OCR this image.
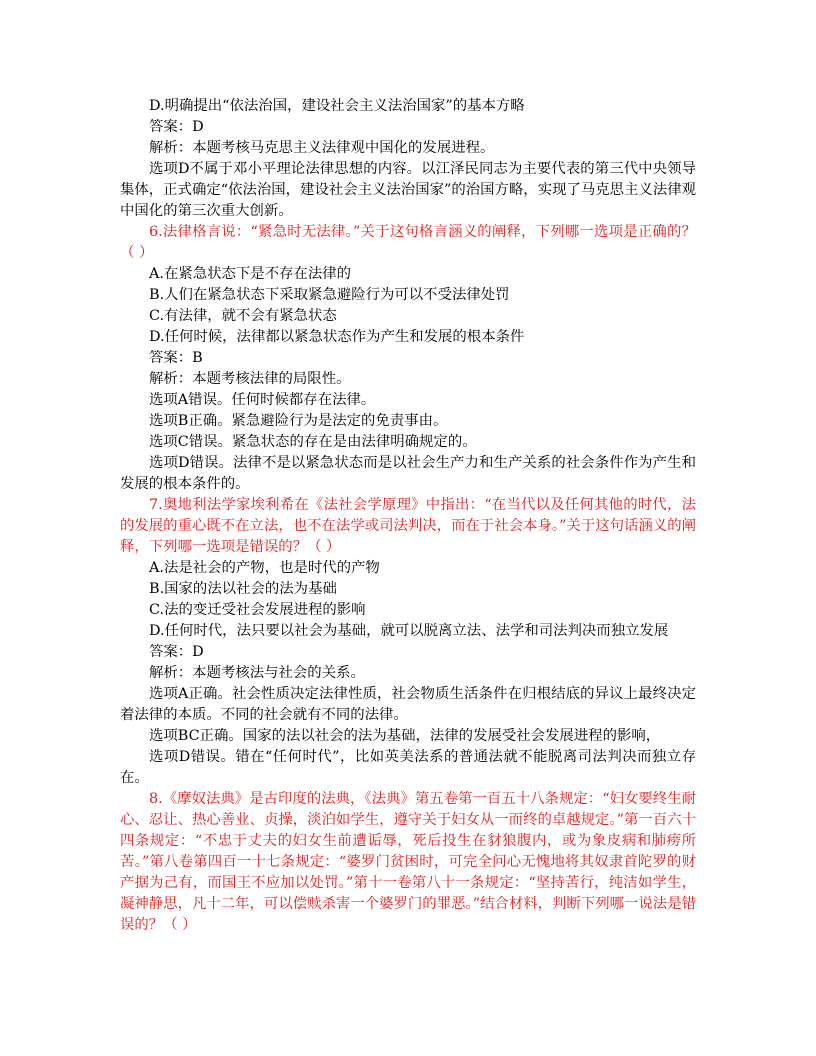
D.明确提出“依法治国，建设社会主义法治国家”的基本方略

答案：D

解析：本题考核马克思主义法律观中国化的发展进程。

选项D不属于邓小平理论法律思想的内容。以江泽民同志为主要代表的第三代中央领导集体，正式确定“依法治国，建设社会主义法治国家”的治国方略，实现了马克思主义法律观中国化的第三次重大创新。

6.法律格言说：“紧急时无法律。”关于这句格言涵义的阐释，下列哪一选项是正确的？（ ）

A.在紧急状态下是不存在法律的

B.人们在紧急状态下采取紧急避险行为可以不受法律处罚

C.有法律，就不会有紧急状态

D.任何时候，法律都以紧急状态作为产生和发展的根本条件

答案：B

解析：本题考核法律的局限性。

选项A错误。任何时候都存在法律。

选项B正确。紧急避险行为是法定的免责事由。

选项C错误。紧急状态的存在是由法律明确规定的。

选项D错误。法律不是以紧急状态而是以社会生产力和生产关系的社会条件作为产生和发展的根本条件的。

7.奥地利法学家埃利希在《法社会学原理》中指出：“在当代以及任何其他的时代，法的发展的重心既不在立法，也不在法学或司法判决，而在于社会本身。”关于这句话涵义的阐释，下列哪一选项是错误的？（ ）

A.法是社会的产物，也是时代的产物

B.国家的法以社会的法为基础

C.法的变迁受社会发展进程的影响

D.任何时代，法只要以社会为基础，就可以脱离立法、法学和司法判决而独立发展

答案：D

解析：本题考核法与社会的关系。

选项A正确。社会性质决定法律性质，社会物质生活条件在归根结底的异议上最终决定着法律的本质。不同的社会就有不同的法律。

选项BC正确。国家的法以社会的法为基础，法律的发展受社会发展进程的影响，

选项D错误。错在“任何时代”，比如英美法系的普通法就不能脱离司法判决而独立存在。

8.《摩奴法典》是古印度的法典，《法典》第五卷第一百五十八条规定：“妇女要终生耐心、忍让、热心善业、贞操，淡泊如学生，遵守关于妇女从一而终的卓越规定。”第一百六十四条规定：“不忠于丈夫的妇女生前遭诟辱，死后投生在豺狼腹内，或为象皮病和肺痨所苦。”第八卷第四百一十七条规定：“婆罗门贫困时，可完全问心无愧地将其奴隶首陀罗的财产据为己有，而国王不应加以处罚。”第十一卷第八十一条规定：“坚持苦行，纯洁如学生，凝神静思，凡十二年，可以偿赎杀害一个婆罗门的罪恶。”结合材料，判断下列哪一说法是错误的？（ ）
